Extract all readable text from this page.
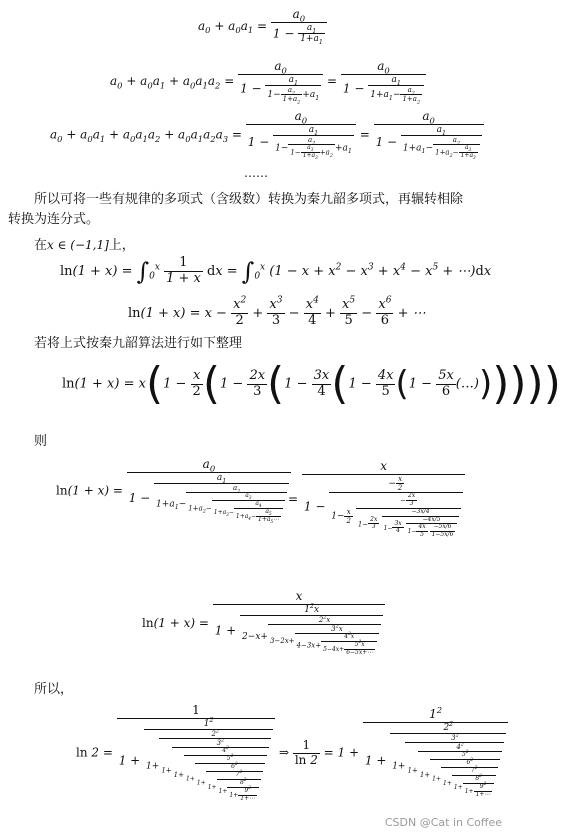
$a_0 + a_0a_1 = \frac{a_0}{1 - \frac{a_1}{1+a_1}}$
$a_0 + a_0a_1 + a_0a_1a_2 = \frac{a_0}{1 - \frac{a_1}{1- \frac{a_2}{1+a_2} +a_1}} = \frac{a_0}{1 - \frac{a_1}{1+a_1- \frac{a_2}{1+a_2}}}$
$a_0 + a_0a_1 + a_0a_1a_2 + a_0a_1a_2a_3 = \frac{a_0}{1 - \frac{a_1}{1- \frac{a_2}{1- \frac{a_3}{1+a_3} +a_2} +a_1}} = \frac{a_0}{1 - \frac{a_1}{1+a_1- \frac{a_2}{1+a_2- \frac{a_3}{1+a_3}}}}$
……
所以可将一些有规律的多项式（含级数）转换为秦九韶多项式，再辗转相除
转换为连分式。
在x ∈ (−1,1]上，
$\ln(1 + x) = \int_0^x \frac{1}{1 + x}$ dx = $\int_0^x$ ($1 - x + x^2 - x^3 + x^4 - x^5$ + ⋯)dx
$\ln(1 + x) = x - \frac{x^2}{2} + \frac{x^3}{3} - \frac{x^4}{4} + \frac{x^5}{5} - \frac{x^6}{6}$ + ⋯
若将上式按秦九韶算法进行如下整理
$\ln(1 + x) = x(1 - \frac{x}{2} (1 - \frac{2x}{3} (1 - \frac{3x}{4} (1 - \frac{4x}{5} (1 - \frac{5x}{6}$ (…))))))
则
ln(1 + x) =
$a_0$
1 −
$a_1$
$1+a_1- \frac{a_2}{1+a_2- \frac{a_3}{1+a_3- \frac{a_4}{1+a_4- \frac{a_5}{1+a_5\cdots}}}}$ =
x
1 −
− $\frac{x}{2}$
$1- \frac{x}{2}$

− $\frac{2x}{3}$
$1- \frac{2x}{3}$

−3x/4
$1- \frac{3x}{4}$
−4x/5
$1- \frac{4x}{5}$
$\frac{-5x/6}{1-5x/6}$
ln(1 + x) =
x
1 +
$1^2x$
$2-x+ \frac{2^2x}{3-2x+ \frac{3^2x}{4-3x+ \frac{4^2x}{5-4x+ \frac{5^2x}{6-5x+\cdots}}}}$
所以，
ln 2 =
1
1 +
$1^2$
1+
$2^2$
1+
$3^2$
1+
$4^2$
1+
$5^2$
$1+ \frac{6^2}{1+ \frac{7^2}{1+ \frac{8^2}{1+ \frac{9^2}{1+\cdots}}}}$
⇒ $\frac{1}{\ln 2} = 1$ +
$1^2$
1 +
$2^2$
1+
$3^2$
1+
$4^2$
1+
$5^2$
$1+ \frac{6^2}{1+ \frac{7^2}{1+ \frac{8^2}{1+ \frac{9^2}{1+\cdots}}}}$
CSDN @Cat in Coffee
